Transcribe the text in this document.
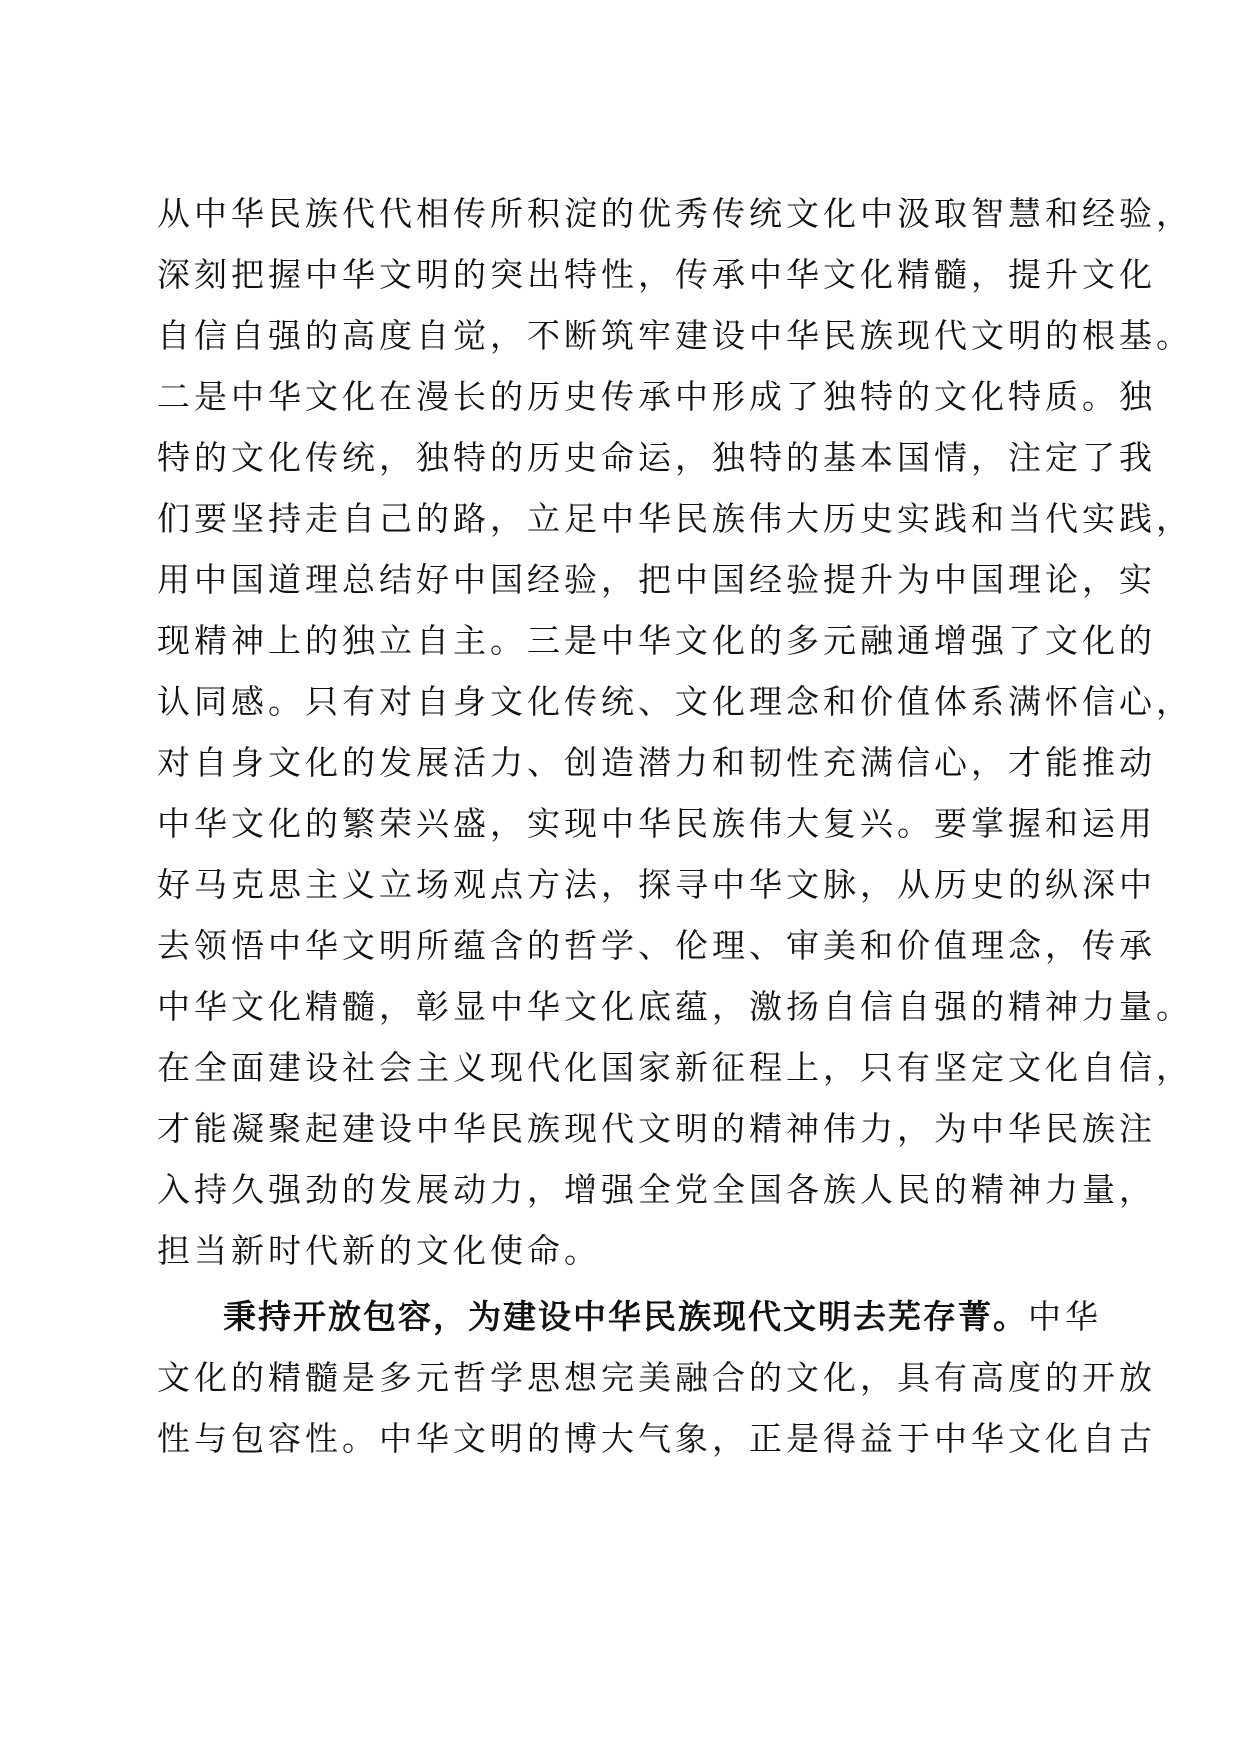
从中华民族代代相传所积淀的优秀传统文化中汲取智慧和经验，
深刻把握中华文明的突出特性，传承中华文化精髓，提升文化
自信自强的高度自觉，不断筑牢建设中华民族现代文明的根基。
二是中华文化在漫长的历史传承中形成了独特的文化特质。独
特的文化传统，独特的历史命运，独特的基本国情，注定了我
们要坚持走自己的路，立足中华民族伟大历史实践和当代实践，
用中国道理总结好中国经验，把中国经验提升为中国理论，实
现精神上的独立自主。三是中华文化的多元融通增强了文化的
认同感。只有对自身文化传统、文化理念和价值体系满怀信心，
对自身文化的发展活力、创造潜力和韧性充满信心，才能推动
中华文化的繁荣兴盛，实现中华民族伟大复兴。要掌握和运用
好马克思主义立场观点方法，探寻中华文脉，从历史的纵深中
去领悟中华文明所蕴含的哲学、伦理、审美和价值理念，传承
中华文化精髓，彰显中华文化底蕴，激扬自信自强的精神力量。
在全面建设社会主义现代化国家新征程上，只有坚定文化自信，
才能凝聚起建设中华民族现代文明的精神伟力，为中华民族注
入持久强劲的发展动力，增强全党全国各族人民的精神力量，
担当新时代新的文化使命。
秉持开放包容，为建设中华民族现代文明去芜存菁。中华
文化的精髓是多元哲学思想完美融合的文化，具有高度的开放
性与包容性。中华文明的博大气象，正是得益于中华文化自古
